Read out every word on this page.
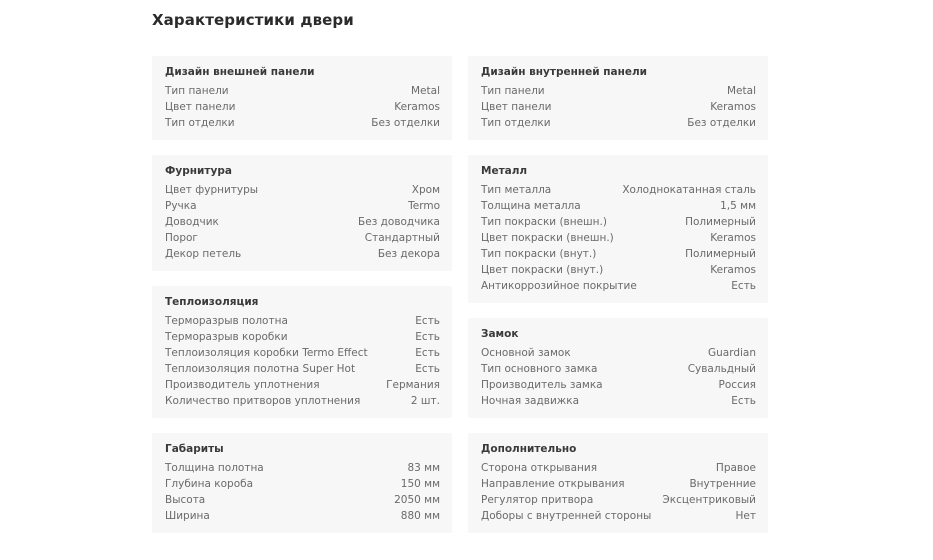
Характеристики двери
Дизайн внешней панели
Тип панели	Metal
Цвет панели	Keramos
Тип отделки	Без отделки
Фурнитура
Цвет фурнитуры	Хром
Ручка	Termo
Доводчик	Без доводчика
Порог	Стандартный
Декор петель	Без декора
Теплоизоляция
Терморазрыв полотна	Есть
Терморазрыв коробки	Есть
Теплоизоляция коробки Termo Effect	Есть
Теплоизоляция полотна Super Hot	Есть
Производитель уплотнения	Германия
Количество притворов уплотнения	2 шт.
Габариты
Толщина полотна	83 мм
Глубина короба	150 мм
Высота	2050 мм
Ширина	880 мм
Дизайн внутренней панели
Тип панели	Metal
Цвет панели	Keramos
Тип отделки	Без отделки
Металл
Тип металла	Холоднокатанная сталь
Толщина металла	1,5 мм
Тип покраски (внешн.)	Полимерный
Цвет покраски (внешн.)	Keramos
Тип покраски (внут.)	Полимерный
Цвет покраски (внут.)	Keramos
Антикоррозийное покрытие	Есть
Замок
Основной замок	Guardian
Тип основного замка	Сувальдный
Производитель замка	Россия
Ночная задвижка	Есть
Дополнительно
Сторона открывания	Правое
Направление открывания	Внутренние
Регулятор притвора	Эксцентриковый
Доборы с внутренней стороны	Нет
